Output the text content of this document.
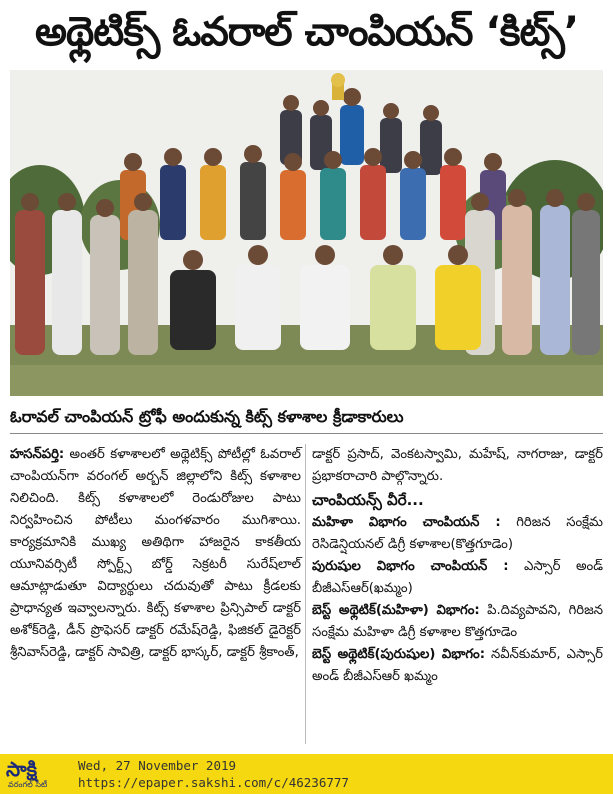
అథ్లెటిక్స్ ఓవరాల్ చాంపియన్ ‘కిట్స్’
ఓరావల్ చాంపియన్ ట్రోఫీ అందుకున్న కిట్స్ కళాశాల క్రీడాకారులు

హసన్‌పర్తి: అంతర్ కళాశాలలో అథ్లెటిక్స్ పోటీల్లో ఓవరాల్ చాంపియన్‌గా వరంగల్ అర్బన్ జిల్లాలోని కిట్స్ కళాశాల నిలిచింది. కిట్స్ కళాశాలలో రెండురోజుల పాటు నిర్వహించిన పోటీలు మంగళవారం ముగిశాయి. కార్యక్రమానికి ముఖ్య అతిథిగా హాజరైన కాకతీయ యూనివర్సిటీ స్పోర్ట్స్ బోర్డ్ సెక్రటరీ సురేష్‌లాల్ ఆమాట్లాడుతూ విద్యార్థులు చదువుతో పాటు క్రీడలకు ప్రాధాన్యత ఇవ్వాలన్నారు. కిట్స్ కళాశాల ప్రిన్సిపాల్ డాక్టర్ అశోక్‌రెడ్డి, డీన్ ప్రొఫెసర్ డాక్టర్ రమేష్‌రెడ్డి, ఫిజికల్ డైరెక్టర్ శ్రీనివాస్‌రెడ్డి, డాక్టర్ సావిత్రి, డాక్టర్ భాస్కర్, డాక్టర్ శ్రీకాంత్,

డాక్టర్ ప్రసాద్, వెంకటస్వామి, మహేష్, నాగరాజు, డాక్టర్ ప్రభాకరాచారి పాల్గొన్నారు.

చాంపియన్స్ వీరే...

మహిళా విభాగం చాంపియన్ : గిరిజన సంక్షేమ రెసిడెన్షియనల్ డిగ్రీ కళాశాల(కొత్తగూడెం)

పురుషుల విభాగం చాంపియన్ : ఎస్సార్ అండ్ బీజీఎస్‌ఆర్(ఖమ్మం)

బెస్ట్ అథ్లెటిక్(మహిళా) విభాగం: పి.దివ్యపావని, గిరిజన సంక్షేమ మహిళా డిగ్రీ కళాశాల కొత్తగూడెం

బెస్ట్ అథ్లెటిక్(పురుషుల) విభాగం: నవీన్‌కుమార్, ఎస్సార్ అండ్ బీజీఎస్‌ఆర్ ఖమ్మం

సాక్షి
వరంగల్ సిటీ
Wed, 27 November 2019
https://epaper.sakshi.com/c/46236777
